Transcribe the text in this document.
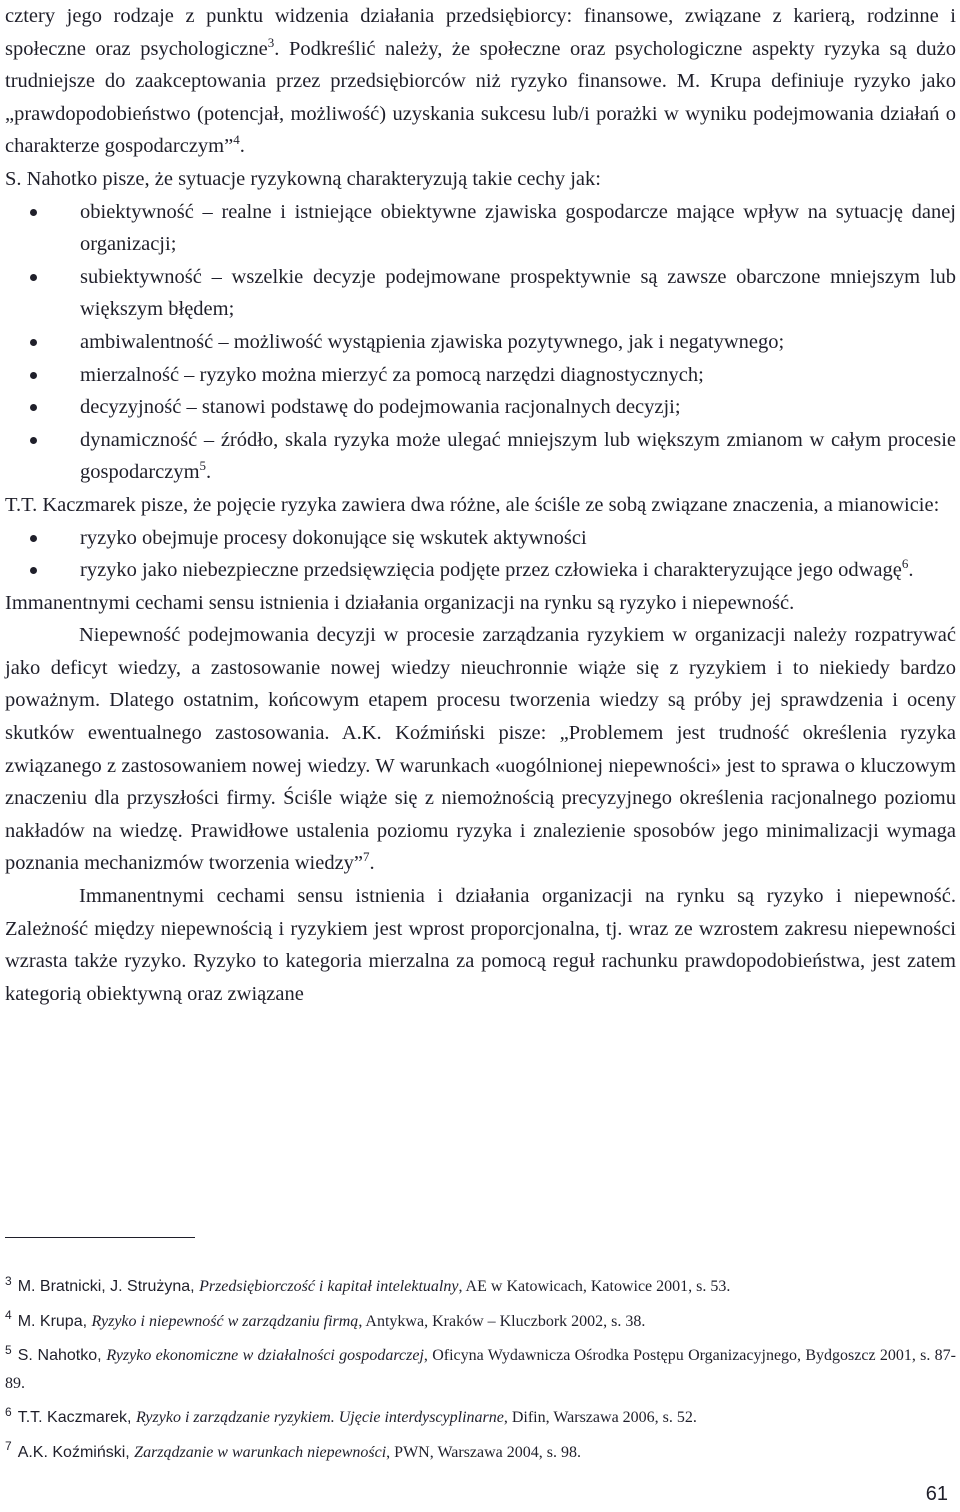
cztery jego rodzaje z punktu widzenia działania przedsiębiorcy: finansowe, związane z karierą, rodzinne i społeczne oraz psychologiczne$^3$. Podkreślić należy, że społeczne oraz psychologiczne aspekty ryzyka są dużo trudniejsze do zaakceptowania przez przedsiębiorców niż ryzyko finansowe. M. Krupa definiuje ryzyko jako „prawdopodobieństwo (potencjał, możliwość) uzyskania sukcesu lub/i porażki w wyniku podejmowania działań o charakterze gospodarczym”$^4$.

S. Nahotko pisze, że sytuacje ryzykowną charakteryzują takie cechy jak:

obiektywność – realne i istniejące obiektywne zjawiska gospodarcze mające wpływ na sytuację danej organizacji;
subiektywność – wszelkie decyzje podejmowane prospektywnie są zawsze obarczone mniejszym lub większym błędem;
ambiwalentność – możliwość wystąpienia zjawiska pozytywnego, jak i negatywnego;
mierzalność – ryzyko można mierzyć za pomocą narzędzi diagnostycznych;
decyzyjność – stanowi podstawę do podejmowania racjonalnych decyzji;
dynamiczność – źródło, skala ryzyka może ulegać mniejszym lub większym zmianom w całym procesie gospodarczym$^5$.

T.T. Kaczmarek pisze, że pojęcie ryzyka zawiera dwa różne, ale ściśle ze sobą związane znaczenia, a mianowicie:

ryzyko obejmuje procesy dokonujące się wskutek aktywności
ryzyko jako niebezpieczne przedsięwzięcia podjęte przez człowieka i charakteryzujące jego odwagę$^6$.

Immanentnymi cechami sensu istnienia i działania organizacji na rynku są ryzyko i niepewność.

Niepewność podejmowania decyzji w procesie zarządzania ryzykiem w organizacji należy rozpatrywać jako deficyt wiedzy, a zastosowanie nowej wiedzy nieuchronnie wiąże się z ryzykiem i to niekiedy bardzo poważnym. Dlatego ostatnim, końcowym etapem procesu tworzenia wiedzy są próby jej sprawdzenia i oceny skutków ewentualnego zastosowania. A.K. Koźmiński pisze: „Problemem jest trudność określenia ryzyka związanego z zastosowaniem nowej wiedzy. W warunkach «uogólnionej niepewności» jest to sprawa o kluczowym znaczeniu dla przyszłości firmy. Ściśle wiąże się z niemożnością precyzyjnego określenia racjonalnego poziomu nakładów na wiedzę. Prawidłowe ustalenia poziomu ryzyka i znalezienie sposobów jego minimalizacji wymaga poznania mechanizmów tworzenia wiedzy”$^7$.

Immanentnymi cechami sensu istnienia i działania organizacji na rynku są ryzyko i niepewność. Zależność między niepewnością i ryzykiem jest wprost proporcjonalna, tj. wraz ze wzrostem zakresu niepewności wzrasta także ryzyko. Ryzyko to kategoria mierzalna za pomocą reguł rachunku prawdopodobieństwa, jest zatem kategorią obiektywną oraz związane

$^3$ M. Bratnicki, J. Strużyna, Przedsiębiorczość i kapitał intelektualny, AE w Katowicach, Katowice 2001, s. 53.

$^4$ M. Krupa, Ryzyko i niepewność w zarządzaniu firmą, Antykwa, Kraków – Kluczbork 2002, s. 38.

$^5$ S. Nahotko, Ryzyko ekonomiczne w działalności gospodarczej, Oficyna Wydawnicza Ośrodka Postępu Organizacyjnego, Bydgoszcz 2001, s. 87-89.

$^6$ T.T. Kaczmarek, Ryzyko i zarządzanie ryzykiem. Ujęcie interdyscyplinarne, Difin, Warszawa 2006, s. 52.

$^7$ A.K. Koźmiński, Zarządzanie w warunkach niepewności, PWN, Warszawa 2004, s. 98.

61
